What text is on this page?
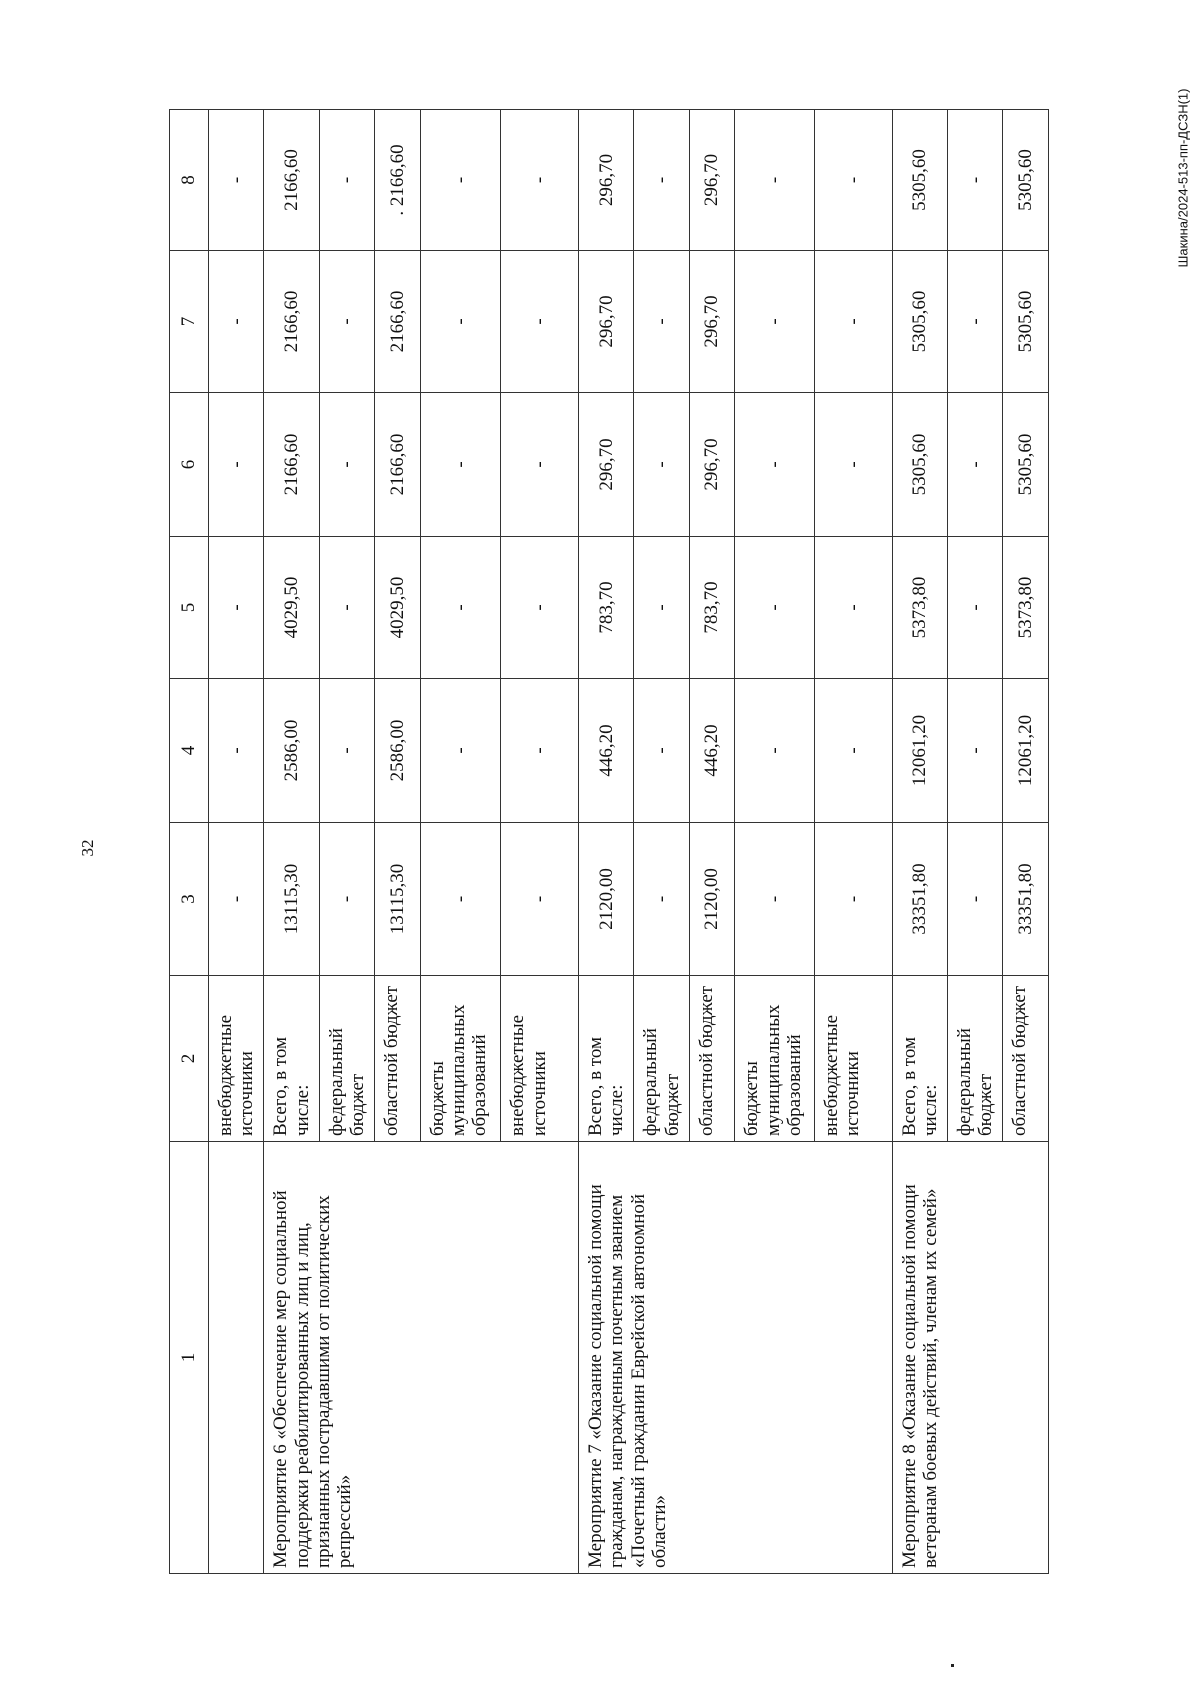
32
Шакина/2024-513-пп-ДСЗН(1)
1	2	3	4	5	6	7	8
	внебюджетные источники	-	-	-	-	-	-
Мероприятие 6 «Обеспечение мер социальной поддержки реабилитированных лиц и лиц, признанных пострадавшими от политических репрессий»	Всего, в том числе:	13115,30	2586,00	4029,50	2166,60	2166,60	2166,60
	федеральный бюджет	-	-	-	-	-	-
	областной бюджет	13115,30	2586,00	4029,50	2166,60	2166,60	. 2166,60
	бюджеты муниципальных образований	-	-	-	-	-	-
	внебюджетные источники	-	-	-	-	-	-
Мероприятие 7 «Оказание социальной помощи гражданам, награжденным почетным званием «Почетный гражданин Еврейской автономной области»	Всего, в том числе:	2120,00	446,20	783,70	296,70	296,70	296,70
	федеральный бюджет	-	-	-	-	-	-
	областной бюджет	2120,00	446,20	783,70	296,70	296,70	296,70
	бюджеты муниципальных образований	-	-	-	-	-	-
	внебюджетные источники	-	-	-	-	-	-
Мероприятие 8 «Оказание социальной помощи ветеранам боевых действий, членам их семей»	Всего, в том числе:	33351,80	12061,20	5373,80	5305,60	5305,60	5305,60
	федеральный бюджет	-	-	-	-	-	-
	областной бюджет	33351,80	12061,20	5373,80	5305,60	5305,60	5305,60
